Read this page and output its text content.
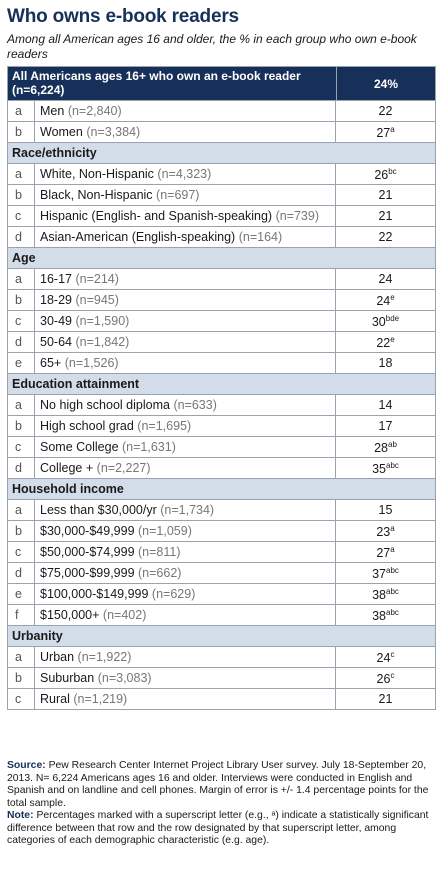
Who owns e-book readers
Among all American ages 16 and older, the % in each group who own e-book readers
All Americans ages 16+ who own an e-book reader (n=6,224)	24%
a	Men (n=2,840)	22
b	Women (n=3,384)	27$^a$
Race/ethnicity
a	White, Non-Hispanic (n=4,323)	$26^{bc}$
b	Black, Non-Hispanic (n=697)	21
c	Hispanic (English- and Spanish-speaking) (n=739)	21
d	Asian-American (English-speaking) (n=164)	22
Age
a	16-17 (n=214)	24
b	18-29 (n=945)	24e
c	30-49 (n=1,590)	$30^{bde}$
d	50-64 (n=1,842)	22e
e	65+ (n=1,526)	18
Education attainment
a	No high school diploma (n=633)	14
b	High school grad (n=1,695)	17
c	Some College (n=1,631)	$28^{ab}$
d	College + (n=2,227)	$35^{abc}$
Household income
a	Less than $30,000/yr (n=1,734)	15
b	$30,000-$49,999 (n=1,059)	23$^a$
c	$50,000-$74,999 (n=811)	27$^a$
d	$75,000-$99,999 (n=662)	$37^{abc}$
e	$100,000-$149,999 (n=629)	$38^{abc}$
f	$150,000+ (n=402)	$38^{abc}$
Urbanity
a	Urban (n=1,922)	24$^c$
b	Suburban (n=3,083)	26$^c$
c	Rural (n=1,219)	21

Source: Pew Research Center Internet Project Library User survey. July 18-September 20, 2013. N= 6,224 Americans ages 16 and older. Interviews were conducted in English and Spanish and on landline and cell phones. Margin of error is +/- 1.4 percentage points for the total sample.

Note: Percentages marked with a superscript letter (e.g., ᵃ) indicate a statistically significant difference between that row and the row designated by that superscript letter, among categories of each demographic characteristic (e.g. age).
